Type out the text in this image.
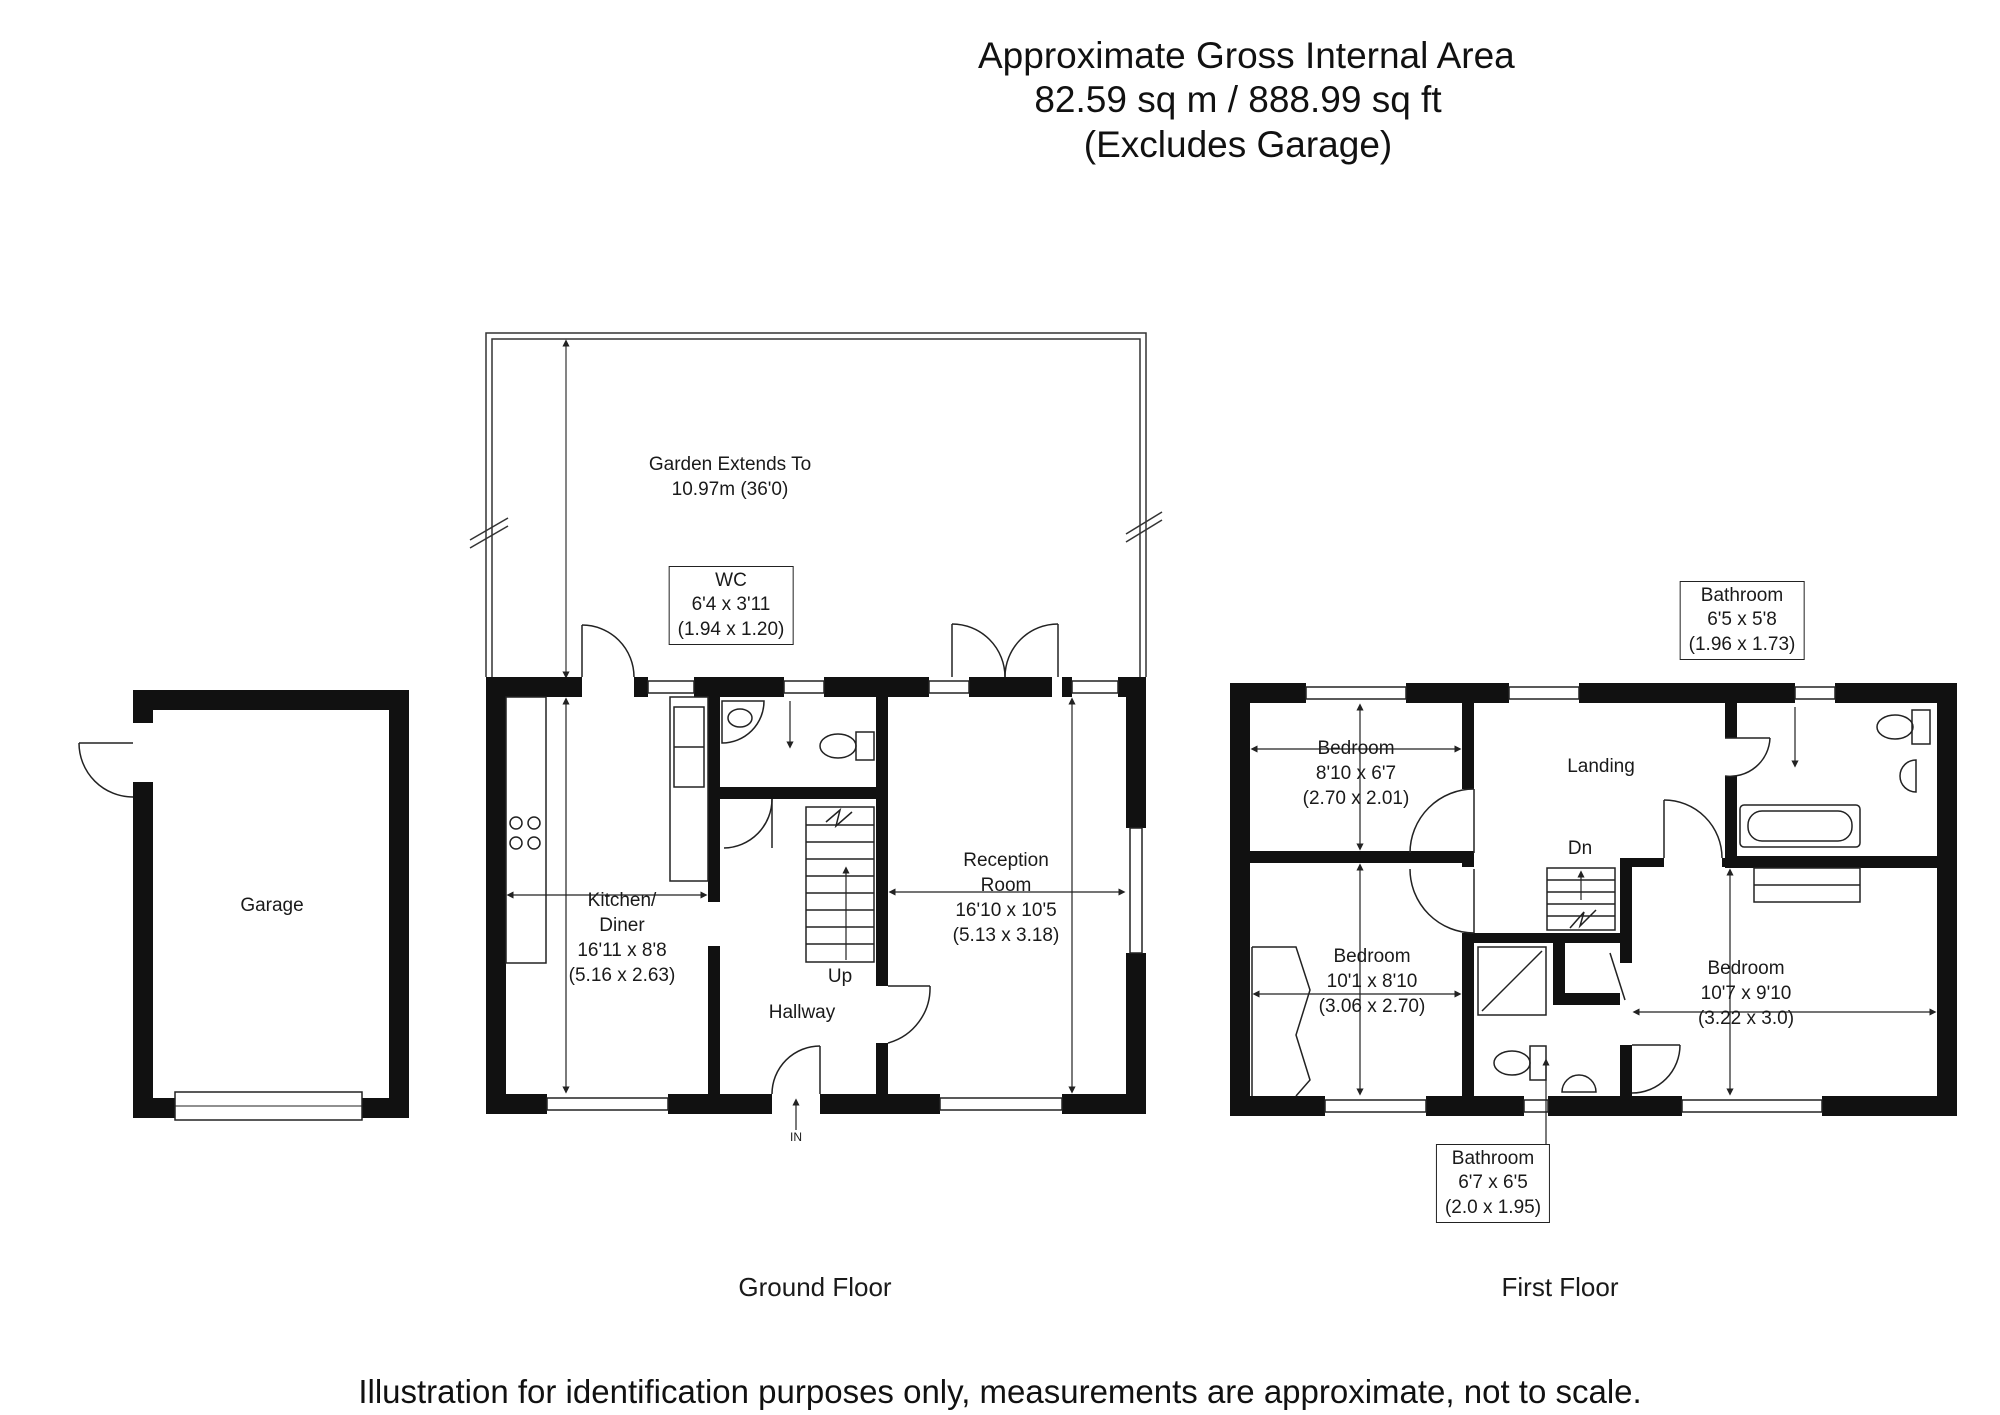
Approximate Gross Internal Area
82.59 sq m / 888.99 sq ft
(Excludes Garage)
Garden Extends To
10.97m (36'0)
Garage
WC
6'4 x 3'11
(1.94 x 1.20)
Kitchen/
Diner
16'11 x 8'8
(5.16 x 2.63)
Reception
Room
16'10 x 10'5
(5.13 x 3.18)
Hallway
Up
IN
Bedroom
8'10 x 6'7
(2.70 x 2.01)
Landing
Dn
Bathroom
6'5 x 5'8
(1.96 x 1.73)
Bedroom
10'1 x 8'10
(3.06 x 2.70)
Bedroom
10'7 x 9'10
(3.22 x 3.0)
Bathroom
6'7 x 6'5
(2.0 x 1.95)
Ground Floor	First Floor
Illustration for identification purposes only, measurements are approximate, not to scale.
